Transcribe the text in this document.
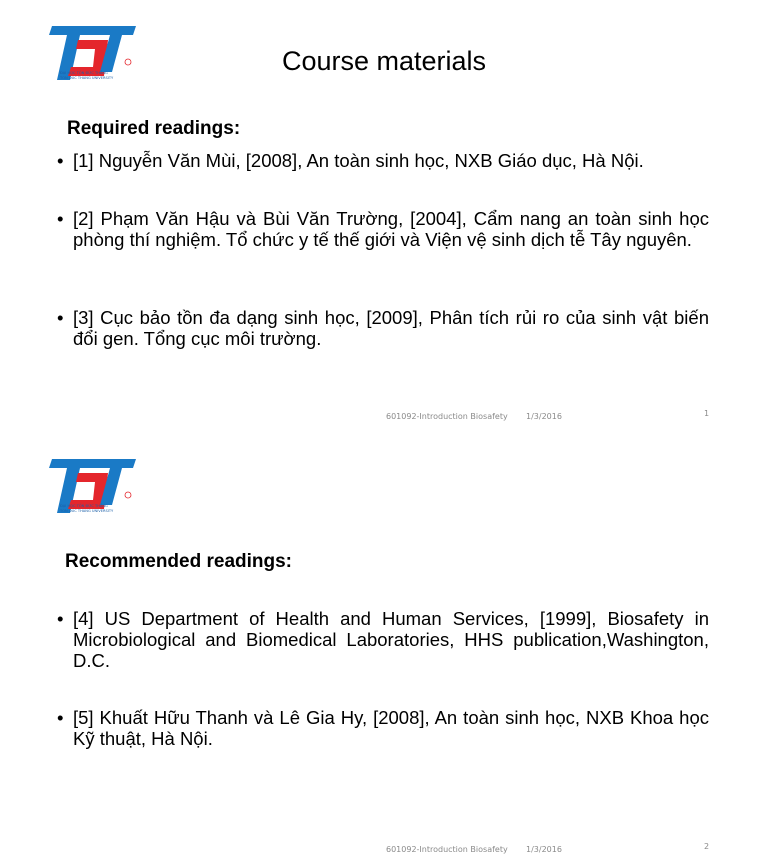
ĐẠI HỌC TÔN ĐỨC THẮNG
TON DUC THANG UNIVERSITY
Course materials
Required readings:
• [1] Nguyễn Văn Mùi, [2008], An toàn sinh học, NXB Giáo dục, Hà Nội.
• [2] Phạm Văn Hậu và Bùi Văn Trường, [2004], Cẩm nang an toàn sinh học phòng thí nghiệm. Tổ chức y tế thế giới và Viện vệ sinh dịch tễ Tây nguyên.
• [3] Cục bảo tồn đa dạng sinh học, [2009], Phân tích rủi ro của sinh vật biến đổi gen. Tổng cục môi trường.
601092-Introduction Biosafety 1/3/2016	1
ĐẠI HỌC TÔN ĐỨC THẮNG
TON DUC THANG UNIVERSITY
Recommended readings:
• [4] US Department of Health and Human Services, [1999], Biosafety in Microbiological and Biomedical Laboratories, HHS publication,Washington, D.C.
• [5] Khuất Hữu Thanh và Lê Gia Hy, [2008], An toàn sinh học, NXB Khoa học Kỹ thuật, Hà Nội.
601092-Introduction Biosafety 1/3/2016	2
